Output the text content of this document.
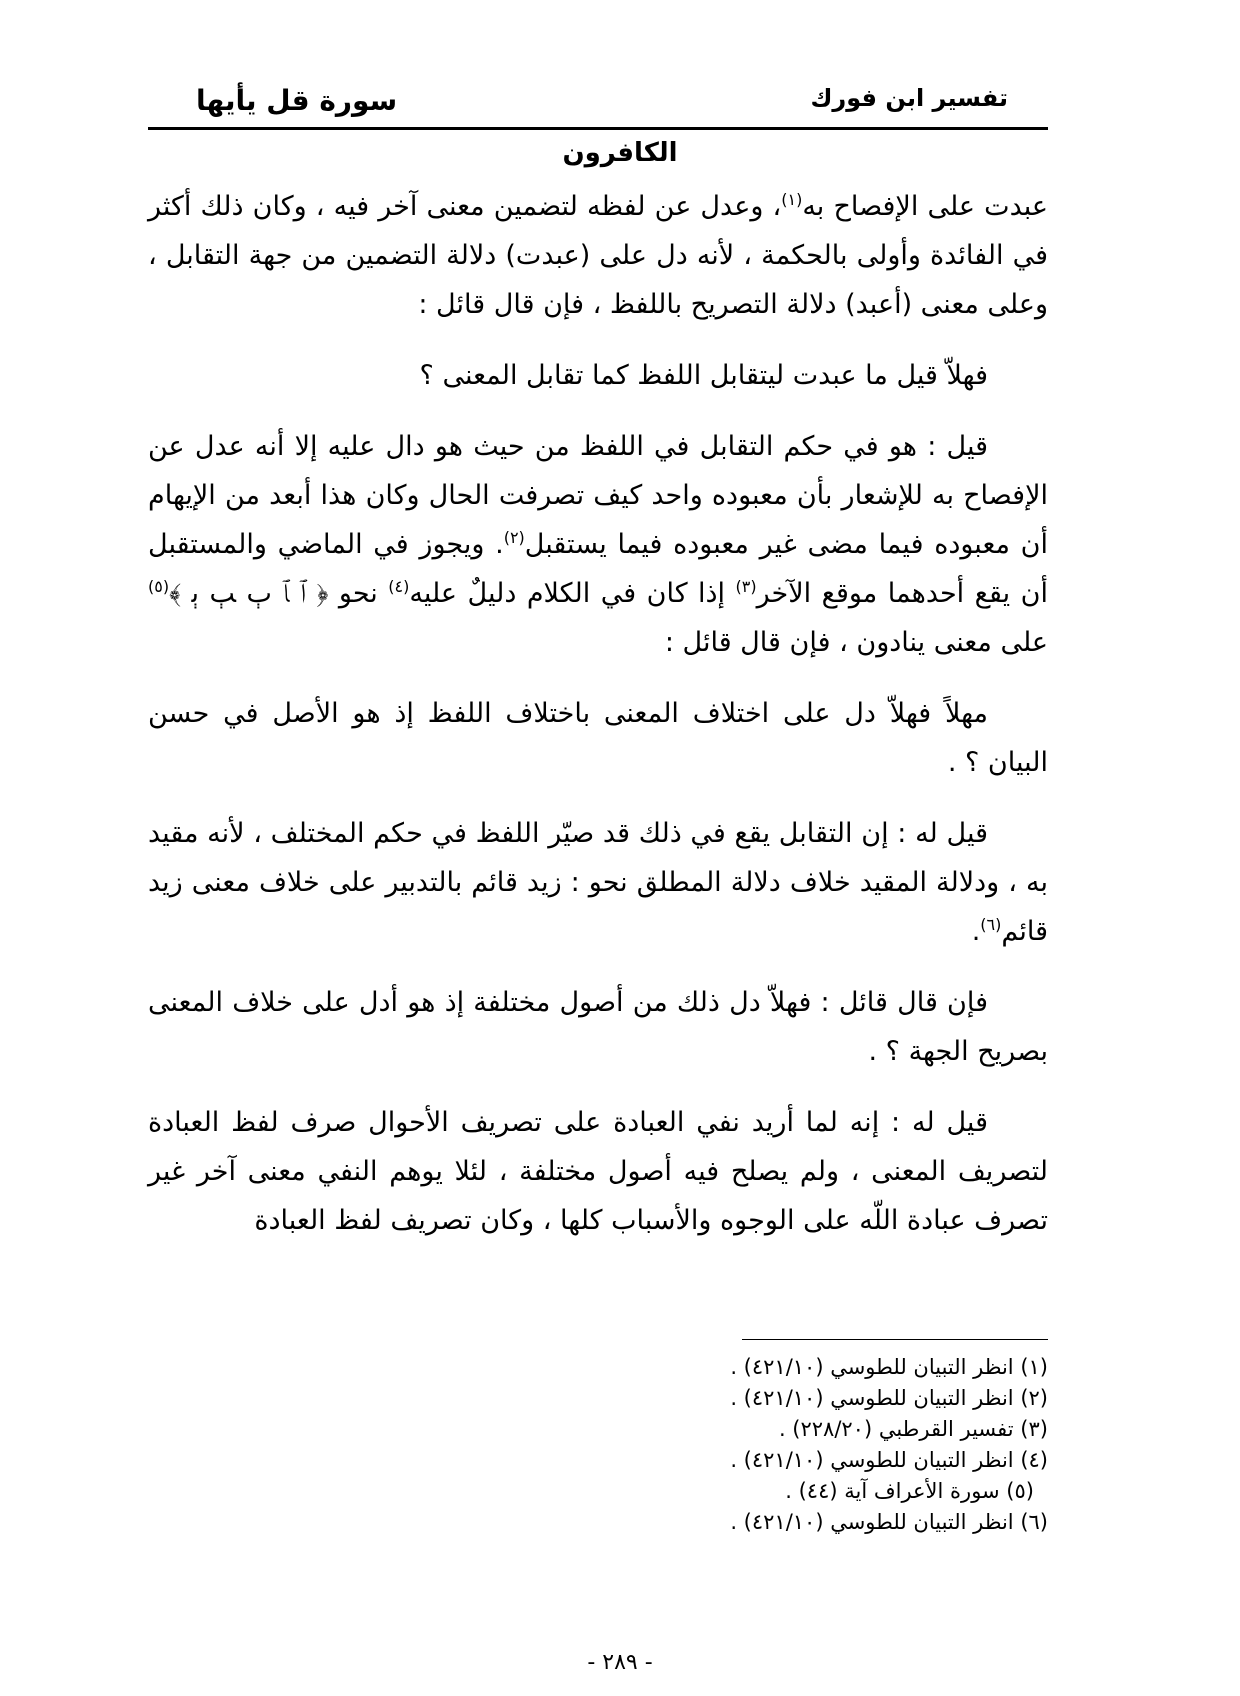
سورة قل يأيها	تفسير ابن فورك
الكافرون

عبدت على الإفصاح به$^{(١)}$، وعدل عن لفظه لتضمين معنى آخر فيه ، وكان ذلك أكثر في الفائدة وأولى بالحكمة ، لأنه دل على (عبدت) دلالة التضمين من جهة التقابل ، وعلى معنى (أعبد) دلالة التصريح باللفظ ، فإن قال قائل :

فهلاّ قيل ما عبدت ليتقابل اللفظ كما تقابل المعنى ؟

قيل : هو في حكم التقابل في اللفظ من حيث هو دال عليه إلا أنه عدل عن الإفصاح به للإشعار بأن معبوده واحد كيف تصرفت الحال وكان هذا أبعد من الإيهام أن معبوده فيما مضى غير معبوده فيما يستقبل$^{(٢)}$. ويجوز في الماضي والمستقبل أن يقع أحدهما موقع الآخر$^{(٣)}$ إذا كان في الكلام دليلٌ عليه$^{(٤)}$ نحو ﴿ ﭐ ﭑ ﭒ ﭓ ﭔ ﴾$^{(٥)}$ على معنى ينادون ، فإن قال قائل :

مهلاً فهلاّ دل على اختلاف المعنى باختلاف اللفظ إذ هو الأصل في حسن البيان ؟ .

قيل له : إن التقابل يقع في ذلك قد صيّر اللفظ في حكم المختلف ، لأنه مقيد به ، ودلالة المقيد خلاف دلالة المطلق نحو : زيد قائم بالتدبير على خلاف معنى زيد قائم$^{(٦)}$.

فإن قال قائل : فهلاّ دل ذلك من أصول مختلفة إذ هو أدل على خلاف المعنى بصريح الجهة ؟ .

قيل له : إنه لما أريد نفي العبادة على تصريف الأحوال صرف لفظ العبادة لتصريف المعنى ، ولم يصلح فيه أصول مختلفة ، لئلا يوهم النفي معنى آخر غير تصرف عبادة اللّه على الوجوه والأسباب كلها ، وكان تصريف لفظ العبادة

(١) انظر التبيان للطوسي (٤٢١/١٠) .
(٢) انظر التبيان للطوسي (٤٢١/١٠) .
(٣) تفسير القرطبي (٢٢٨/٢٠) .
(٤) انظر التبيان للطوسي (٤٢١/١٠) .
(٥) سورة الأعراف آية (٤٤) .
(٦) انظر التبيان للطوسي (٤٢١/١٠) .
- ٢٨٩ -
